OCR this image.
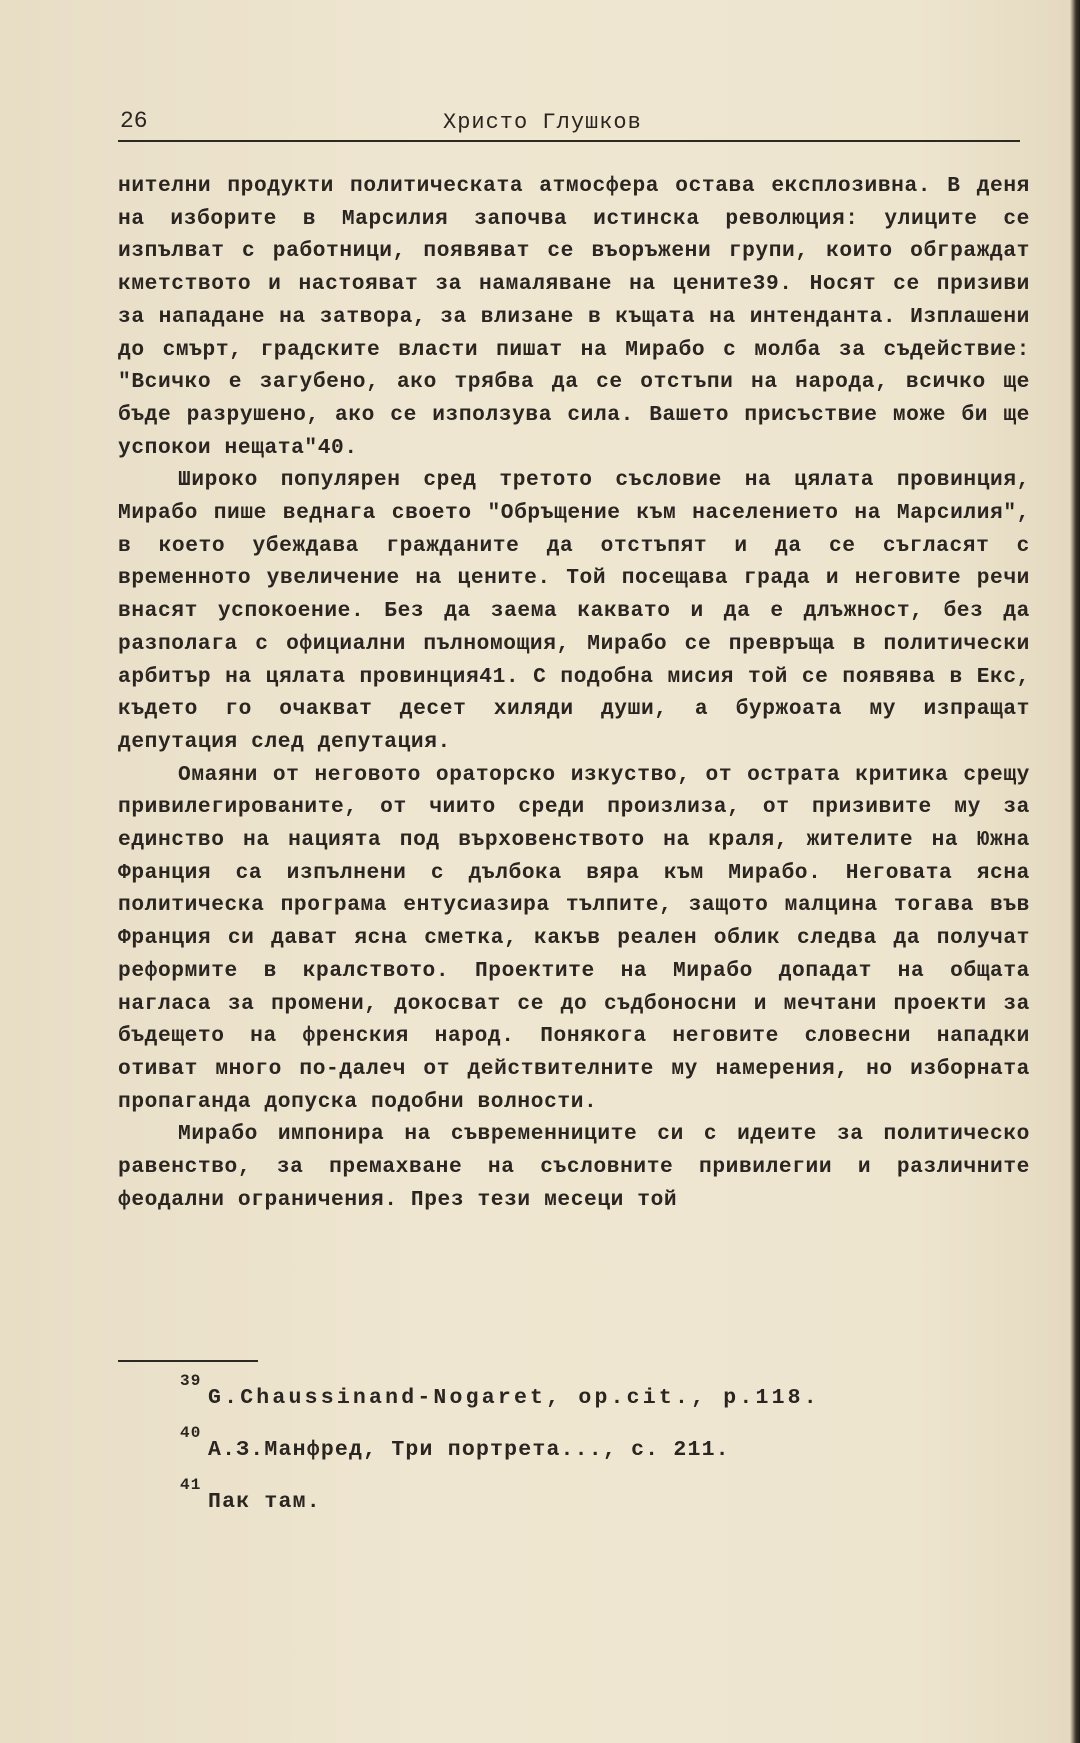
26	Христо Глушков

нителни продукти политическата атмосфера остава експлозивна. В деня на изборите в Марсилия започва истинска революция: улиците се изпълват с работници, появяват се въоръжени групи, които обграждат кметството и настояват за намаляване на цените39. Носят се призиви за нападане на затвора, за влизане в къщата на интенданта. Изплашени до смърт, градските власти пишат на Мирабо с молба за съдействие: "Всичко е загубено, ако трябва да се отстъпи на народа, всичко ще бъде разрушено, ако се използува сила. Вашето присъствие може би ще успокои нещата"40.

Широко популярен сред третото съсловие на цялата провинция, Мирабо пише веднага своето "Обръщение към населението на Марсилия", в което убеждава гражданите да отстъпят и да се съгласят с временното увеличение на цените. Той посещава града и неговите речи внасят успокоение. Без да заема каквато и да е длъжност, без да разполага с официални пълномощия, Мирабо се превръща в политически арбитър на цялата провинция41. С подобна мисия той се появява в Екс, където го очакват десет хиляди души, а буржоата му изпращат депутация след депутация.

Омаяни от неговото ораторско изкуство, от острата критика срещу привилегированите, от чиито среди произлиза, от призивите му за единство на нацията под върховенството на краля, жителите на Южна Франция са изпълнени с дълбока вяра към Мирабо. Неговата ясна политическа програма ентусиазира тълпите, защото малцина тогава във Франция си дават ясна сметка, какъв реален облик следва да получат реформите в кралството. Проектите на Мирабо допадат на общата нагласа за промени, докосват се до съдбоносни и мечтани проекти за бъдещето на френския народ. Понякога неговите словесни нападки отиват много по-далеч от действителните му намерения, но изборната пропаганда допуска подобни волности.

Мирабо импонира на съвременниците си с идеите за политическо равенство, за премахване на съсловните привилегии и различните феодални ограничения. През тези месеци той

39
G.Chaussinand-Nogaret, op.cit., p.118.
40
А.З.Манфред, Три портрета..., с. 211.
41
Пак там.
